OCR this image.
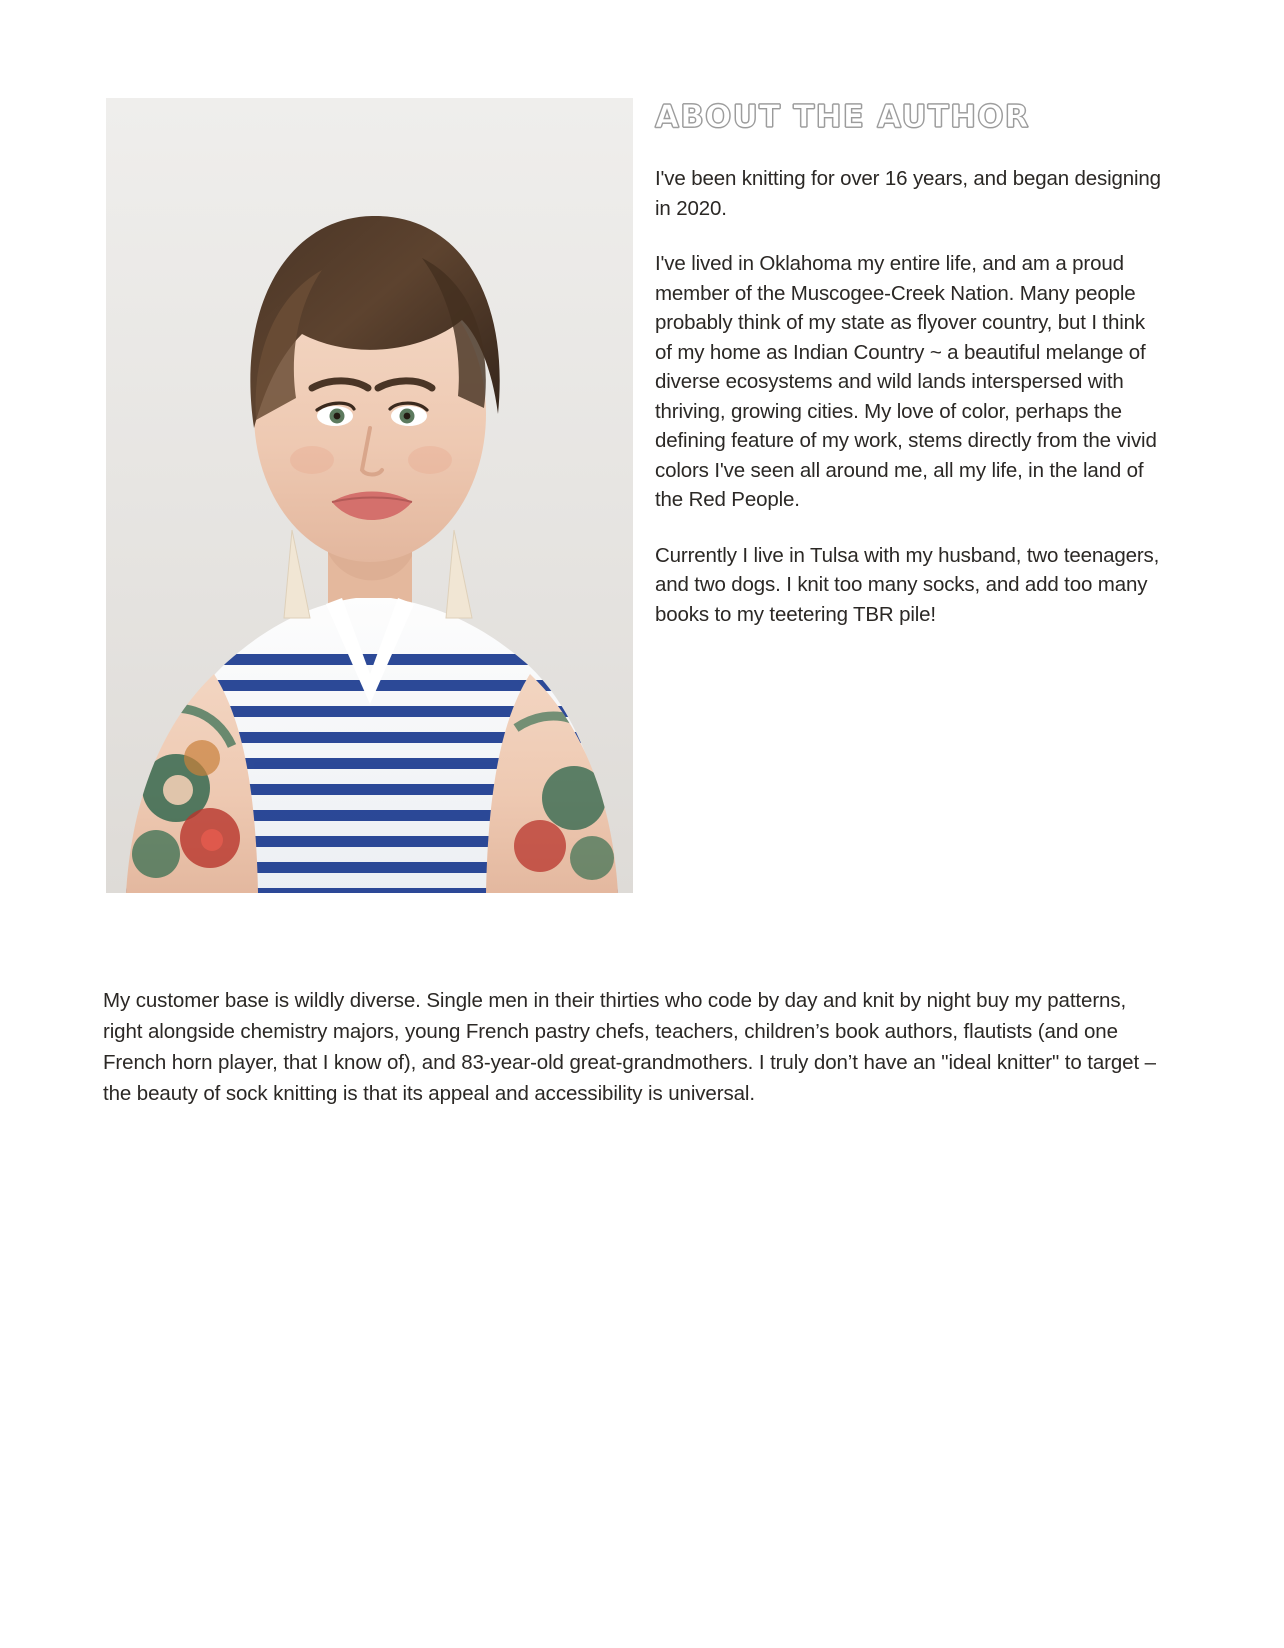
ABOUT THE AUTHOR

I've been knitting for over 16 years, and began designing in 2020.

I've lived in Oklahoma my entire life, and am a proud member of the Muscogee-Creek Nation. Many people probably think of my state as flyover country, but I think of my home as Indian Country ~ a beautiful melange of diverse ecosystems and wild lands interspersed with thriving, growing cities. My love of color, perhaps the defining feature of my work, stems directly from the vivid colors I've seen all around me, all my life, in the land of the Red People.

Currently I live in Tulsa with my husband, two teenagers, and two dogs. I knit too many socks, and add too many books to my teetering TBR pile!

My customer base is wildly diverse. Single men in their thirties who code by day and knit by night buy my patterns, right alongside chemistry majors, young French pastry chefs, teachers, children’s book authors, flautists (and one French horn player, that I know of), and 83-year-old great-grandmothers. I truly don’t have an "ideal knitter" to target – the beauty of sock knitting is that its appeal and accessibility is universal.
